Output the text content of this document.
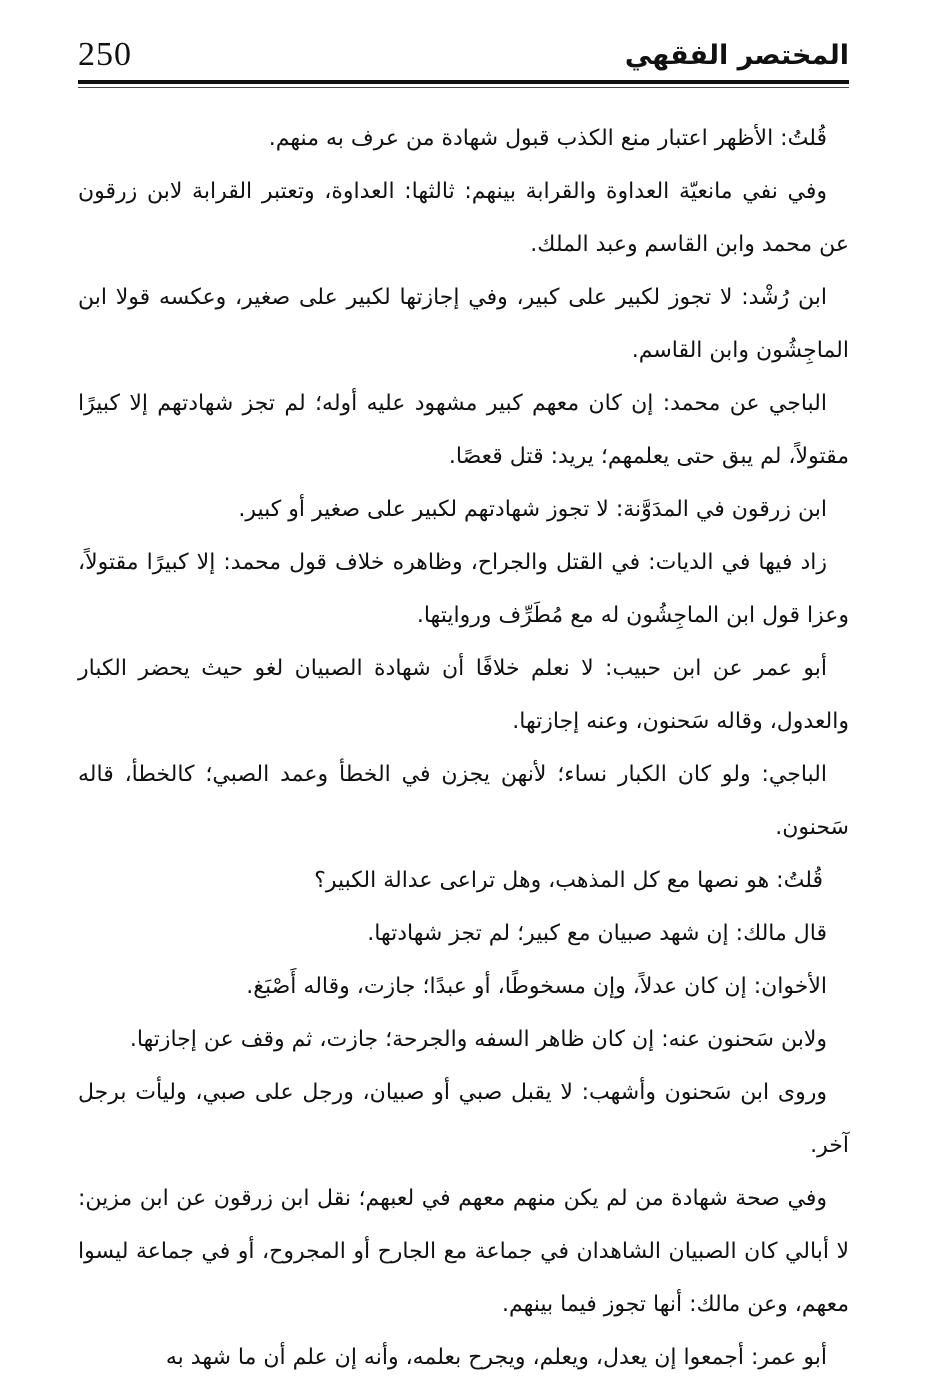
250	المختصر الفقهي

قُلتُ: الأظهر اعتبار منع الكذب قبول شهادة من عرف به منهم.

وفي نفي مانعيّة العداوة والقرابة بينهم: ثالثها: العداوة، وتعتبر القرابة لابن زرقون عن محمد وابن القاسم وعبد الملك.

ابن رُشْد: لا تجوز لكبير على كبير، وفي إجازتها لكبير على صغير، وعكسه قولا ابن الماجِشُون وابن القاسم.

الباجي عن محمد: إن كان معهم كبير مشهود عليه أوله؛ لم تجز شهادتهم إلا كبيرًا مقتولاً، لم يبق حتى يعلمهم؛ يريد: قتل قعصًا.

ابن زرقون في المدَوَّنة: لا تجوز شهادتهم لكبير على صغير أو كبير.

زاد فيها في الديات: في القتل والجراح، وظاهره خلاف قول محمد: إلا كبيرًا مقتولاً، وعزا قول ابن الماجِشُون له مع مُطَرِّف وروايتها.

أبو عمر عن ابن حبيب: لا نعلم خلافًا أن شهادة الصبيان لغو حيث يحضر الكبار والعدول، وقاله سَحنون، وعنه إجازتها.

الباجي: ولو كان الكبار نساء؛ لأنهن يجزن في الخطأ وعمد الصبي؛ كالخطأ، قاله سَحنون.

قُلتُ: هو نصها مع كل المذهب، وهل تراعى عدالة الكبير؟

قال مالك: إن شهد صبيان مع كبير؛ لم تجز شهادتها.

الأخوان: إن كان عدلاً، وإن مسخوطًا، أو عبدًا؛ جازت، وقاله أَصْبَغ.

ولابن سَحنون عنه: إن كان ظاهر السفه والجرحة؛ جازت، ثم وقف عن إجازتها.

وروى ابن سَحنون وأشهب: لا يقبل صبي أو صبيان، ورجل على صبي، وليأت برجل آخر.

وفي صحة شهادة من لم يكن منهم معهم في لعبهم؛ نقل ابن زرقون عن ابن مزين: لا أبالي كان الصبيان الشاهدان في جماعة مع الجارح أو المجروح، أو في جماعة ليسوا معهم، وعن مالك: أنها تجوز فيما بينهم.

أبو عمر: أجمعوا إن يعدل، ويعلم، ويجرح بعلمه، وأنه إن علم أن ما شهد به
